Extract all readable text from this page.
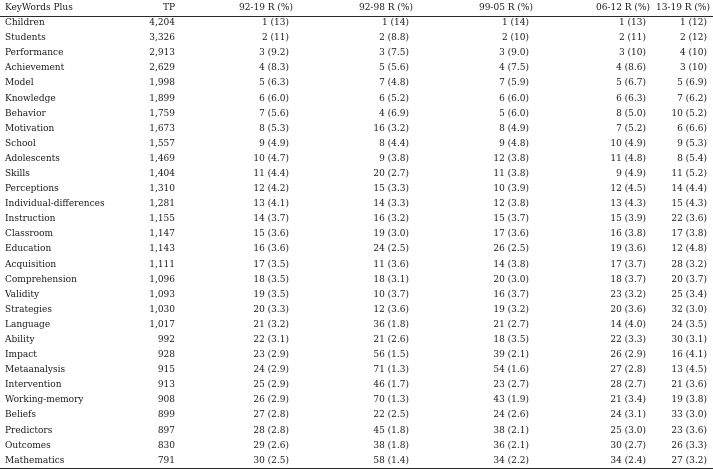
KeyWords Plus	TP	92-19 R (%)	92-98 R (%)	99-05 R (%)	06-12 R (%)	13-19 R (%)
Children	4,204	1 (13)	1 (14)	1 (14)	1 (13)	1 (12)
Students	3,326	2 (11)	2 (8.8)	2 (10)	2 (11)	2 (12)
Performance	2,913	3 (9.2)	3 (7.5)	3 (9.0)	3 (10)	4 (10)
Achievement	2,629	4 (8.3)	5 (5.6)	4 (7.5)	4 (8.6)	3 (10)
Model	1,998	5 (6.3)	7 (4.8)	7 (5.9)	5 (6.7)	5 (6.9)
Knowledge	1,899	6 (6.0)	6 (5.2)	6 (6.0)	6 (6.3)	7 (6.2)
Behavior	1,759	7 (5.6)	4 (6.9)	5 (6.0)	8 (5.0)	10 (5.2)
Motivation	1,673	8 (5.3)	16 (3.2)	8 (4.9)	7 (5.2)	6 (6.6)
School	1,557	9 (4.9)	8 (4.4)	9 (4.8)	10 (4.9)	9 (5.3)
Adolescents	1,469	10 (4.7)	9 (3.8)	12 (3.8)	11 (4.8)	8 (5.4)
Skills	1,404	11 (4.4)	20 (2.7)	11 (3.8)	9 (4.9)	11 (5.2)
Perceptions	1,310	12 (4.2)	15 (3.3)	10 (3.9)	12 (4.5)	14 (4.4)
Individual-differences	1,281	13 (4.1)	14 (3.3)	12 (3.8)	13 (4.3)	15 (4.3)
Instruction	1,155	14 (3.7)	16 (3.2)	15 (3.7)	15 (3.9)	22 (3.6)
Classroom	1,147	15 (3.6)	19 (3.0)	17 (3.6)	16 (3.8)	17 (3.8)
Education	1,143	16 (3.6)	24 (2.5)	26 (2.5)	19 (3.6)	12 (4.8)
Acquisition	1,111	17 (3.5)	11 (3.6)	14 (3.8)	17 (3.7)	28 (3.2)
Comprehension	1,096	18 (3.5)	18 (3.1)	20 (3.0)	18 (3.7)	20 (3.7)
Validity	1,093	19 (3.5)	10 (3.7)	16 (3.7)	23 (3.2)	25 (3.4)
Strategies	1,030	20 (3.3)	12 (3.6)	19 (3.2)	20 (3.6)	32 (3.0)
Language	1,017	21 (3.2)	36 (1.8)	21 (2.7)	14 (4.0)	24 (3.5)
Ability	992	22 (3.1)	21 (2.6)	18 (3.5)	22 (3.3)	30 (3.1)
Impact	928	23 (2.9)	56 (1.5)	39 (2.1)	26 (2.9)	16 (4.1)
Metaanalysis	915	24 (2.9)	71 (1.3)	54 (1.6)	27 (2.8)	13 (4.5)
Intervention	913	25 (2.9)	46 (1.7)	23 (2.7)	28 (2.7)	21 (3.6)
Working-memory	908	26 (2.9)	70 (1.3)	43 (1.9)	21 (3.4)	19 (3.8)
Beliefs	899	27 (2.8)	22 (2.5)	24 (2.6)	24 (3.1)	33 (3.0)
Predictors	897	28 (2.8)	45 (1.8)	38 (2.1)	25 (3.0)	23 (3.6)
Outcomes	830	29 (2.6)	38 (1.8)	36 (2.1)	30 (2.7)	26 (3.3)
Mathematics	791	30 (2.5)	58 (1.4)	34 (2.2)	34 (2.4)	27 (3.2)
